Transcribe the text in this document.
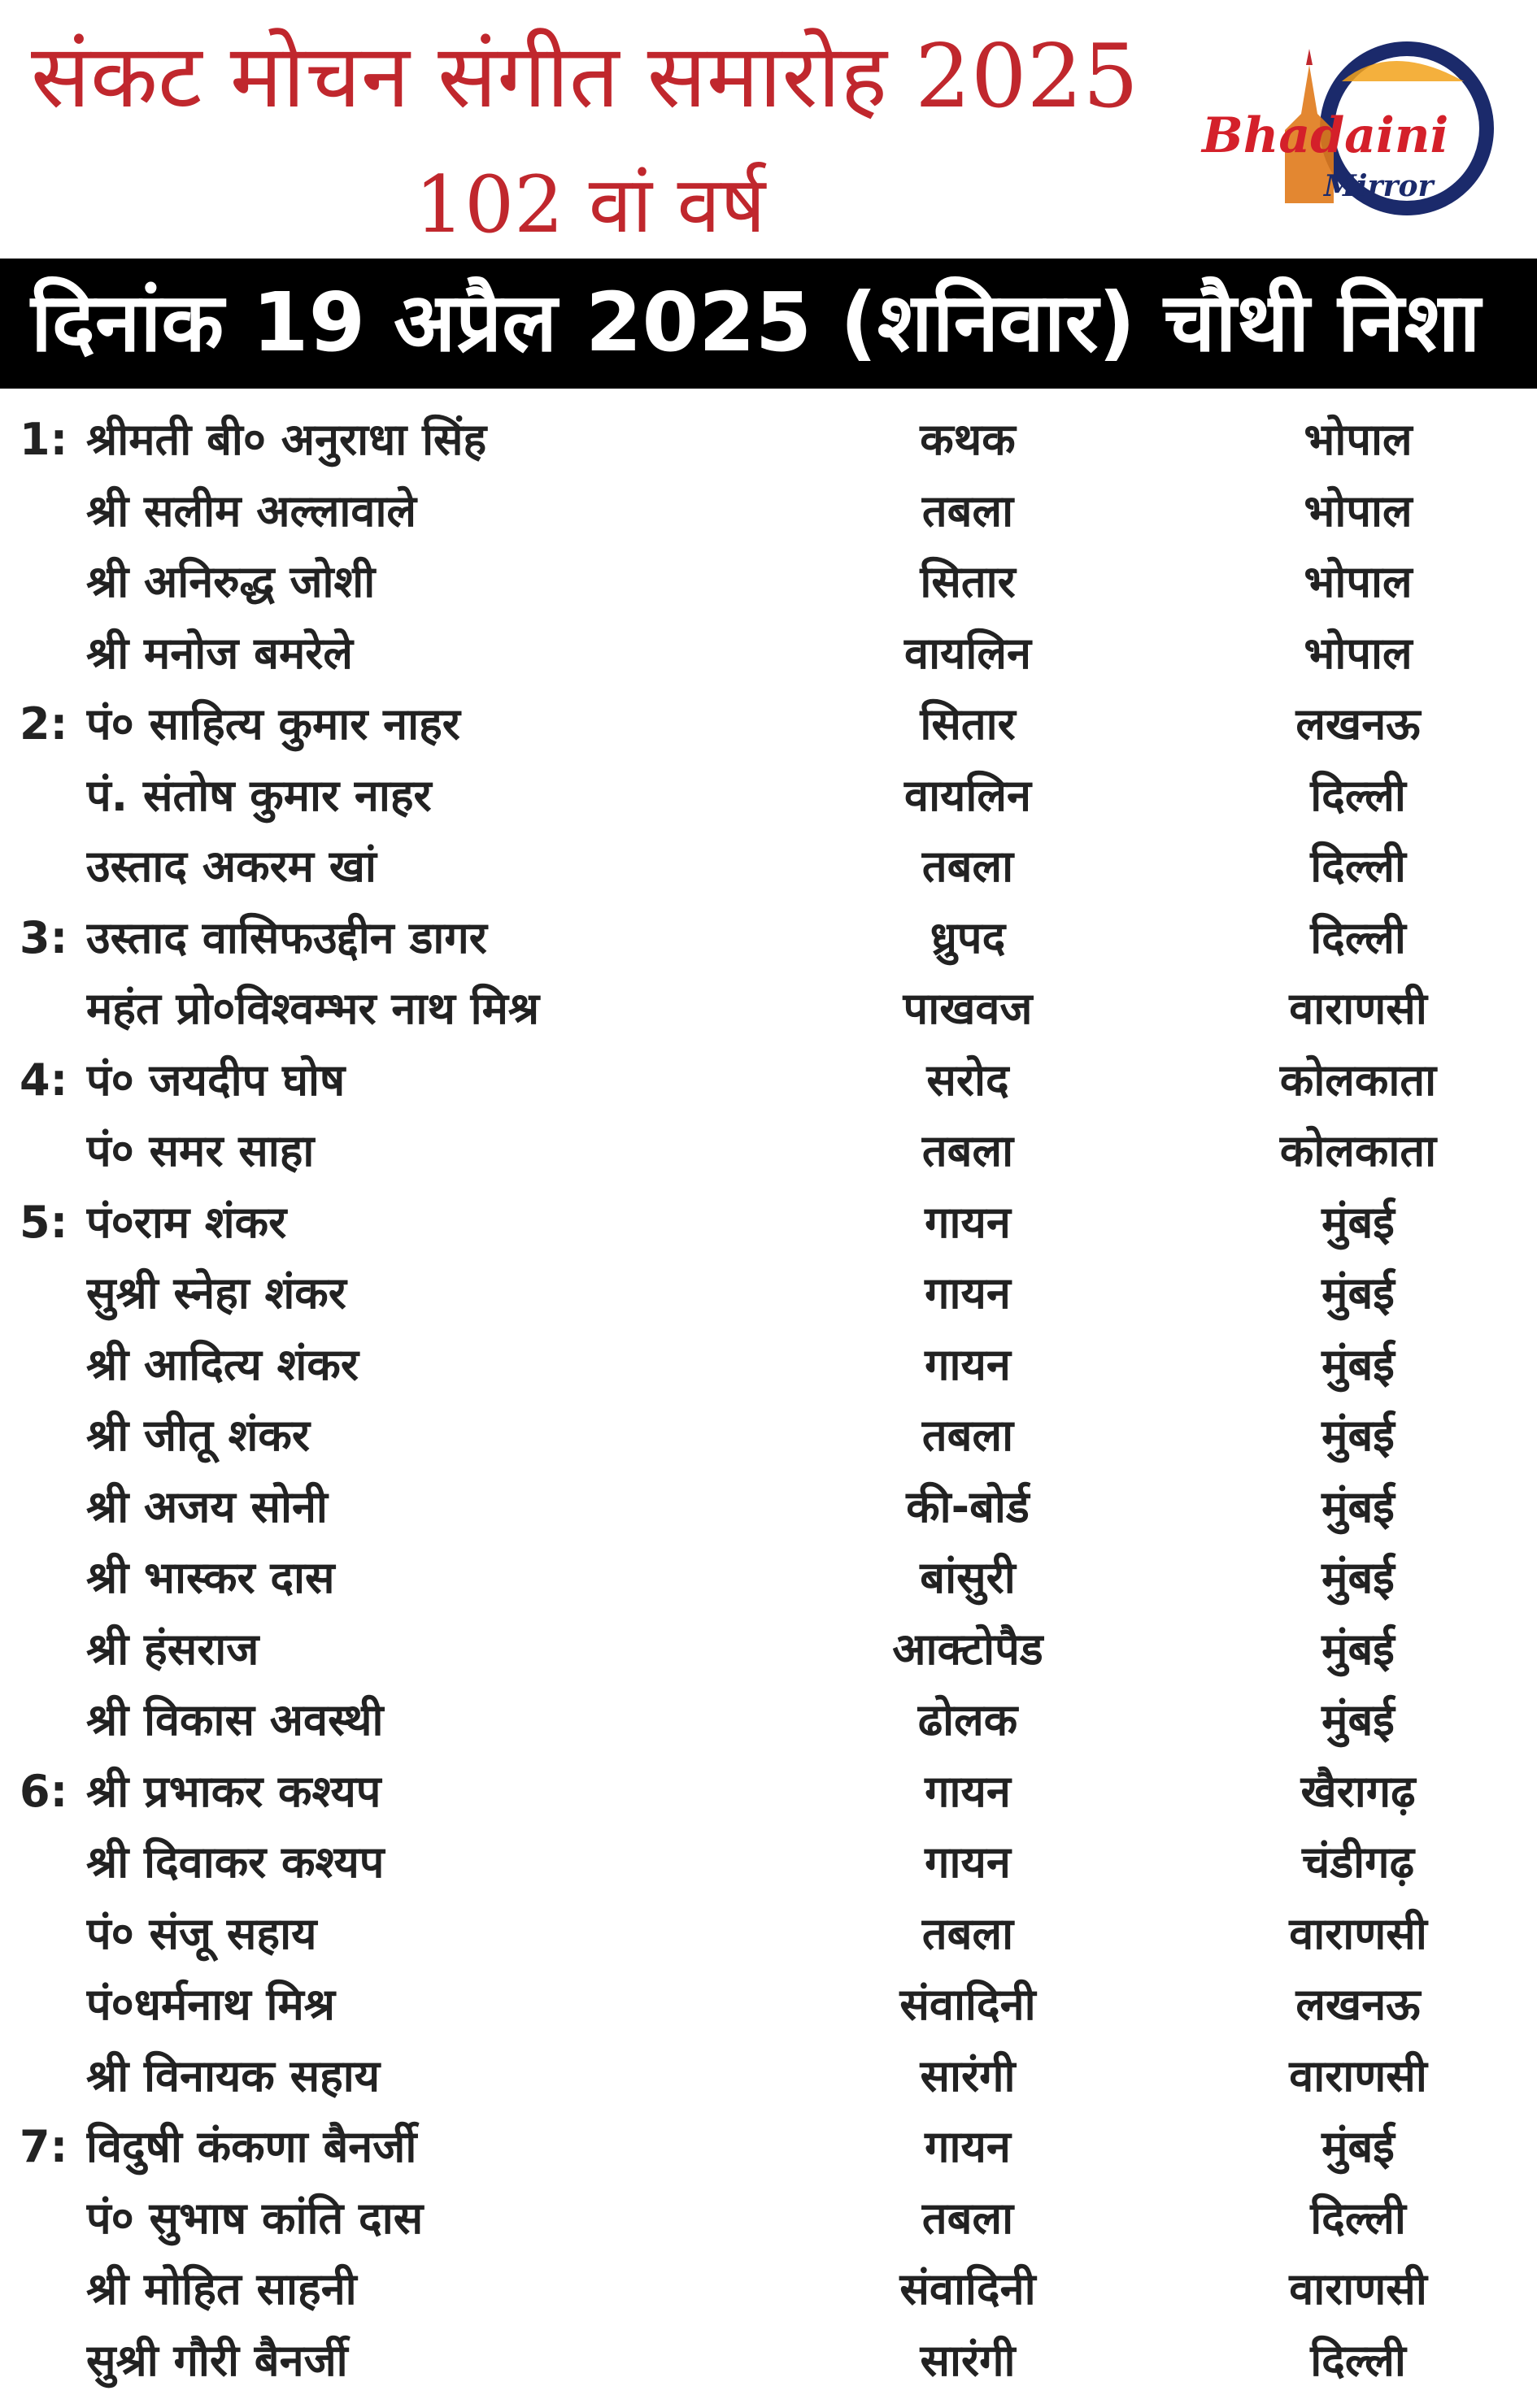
संकट मोचन संगीत समारोह 2025
102 वां वर्ष
Bhadaini
Mirror
दिनांक 19 अप्रैल 2025 (शनिवार) चौथी निशा
1: श्रीमती बी० अनुराधा सिंह	कथक	भोपाल
श्री सलीम अल्लावाले	तबला	भोपाल
श्री अनिरुद्ध जोशी	सितार	भोपाल
श्री मनोज बमरेले	वायलिन	भोपाल
2: पं० साहित्य कुमार नाहर	सितार	लखनऊ
पं. संतोष कुमार नाहर	वायलिन	दिल्ली
उस्ताद अकरम खां	तबला	दिल्ली
3: उस्ताद वासिफउद्दीन डागर	ध्रुपद	दिल्ली
महंत प्रो०विश्वम्भर नाथ मिश्र	पाखवज	वाराणसी
4: पं० जयदीप घोष	सरोद	कोलकाता
पं० समर साहा	तबला	कोलकाता
5: पं०राम शंकर	गायन	मुंबई
सुश्री स्नेहा शंकर	गायन	मुंबई
श्री आदित्य शंकर	गायन	मुंबई
श्री जीतू शंकर	तबला	मुंबई
श्री अजय सोनी	की-बोर्ड	मुंबई
श्री भास्कर दास	बांसुरी	मुंबई
श्री हंसराज	आक्टोपैड	मुंबई
श्री विकास अवस्थी	ढोलक	मुंबई
6: श्री प्रभाकर कश्यप	गायन	खैरागढ़
श्री दिवाकर कश्यप	गायन	चंडीगढ़
पं० संजू सहाय	तबला	वाराणसी
पं०धर्मनाथ मिश्र	संवादिनी	लखनऊ
श्री विनायक सहाय	सारंगी	वाराणसी
7: विदुषी कंकणा बैनर्जी	गायन	मुंबई
पं० सुभाष कांति दास	तबला	दिल्ली
श्री मोहित साहनी	संवादिनी	वाराणसी
सुश्री गौरी बैनर्जी	सारंगी	दिल्ली
